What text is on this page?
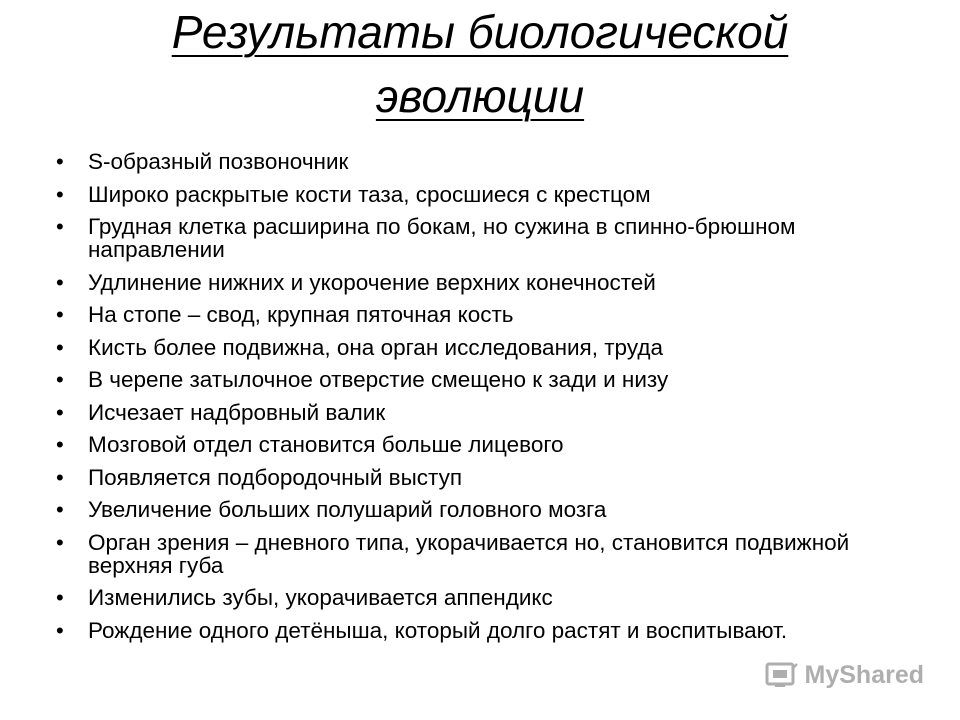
Результаты биологической
эволюции
• S-образный позвоночник
• Широко раскрытые кости таза, сросшиеся с крестцом
• Грудная клетка расширина по бокам, но сужина в спинно-брюшном направлении
• Удлинение нижних и укорочение верхних конечностей
• На стопе – свод, крупная пяточная кость
• Кисть более подвижна, она орган исследования, труда
• В черепе затылочное отверстие смещено к зади и низу
• Исчезает надбровный валик
• Мозговой отдел становится больше лицевого
• Появляется подбородочный выступ
• Увеличение больших полушарий головного мозга
• Орган зрения – дневного типа, укорачивается но, становится подвижной верхняя губа
• Изменились зубы, укорачивается аппендикс
• Рождение одного детёныша, который долго растят и воспитывают.
MyShared
